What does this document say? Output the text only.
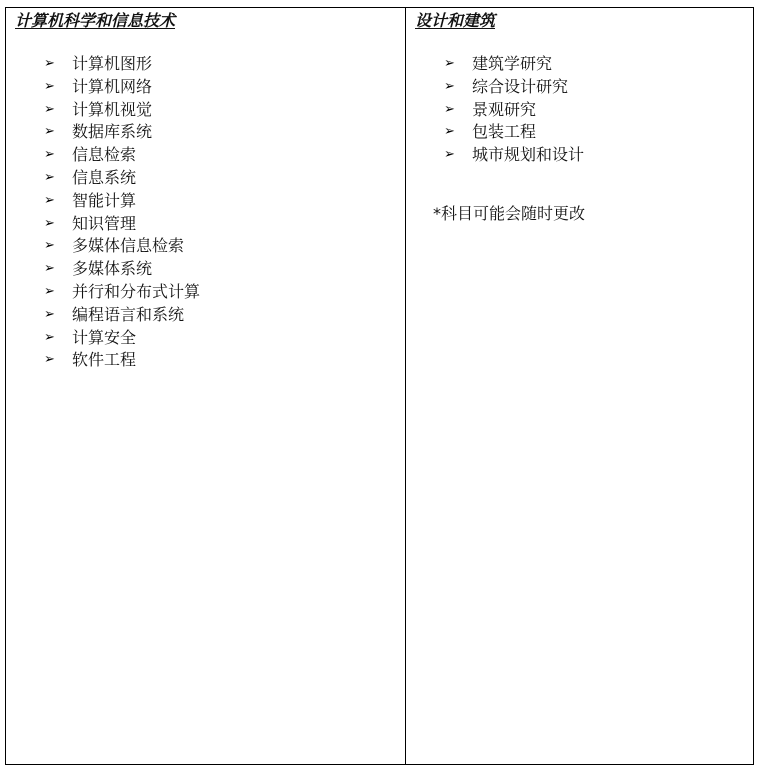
计算机科学和信息技术
➢	计算机图形
➢	计算机网络
➢	计算机视觉
➢	数据库系统
➢	信息检索
➢	信息系统
➢	智能计算
➢	知识管理
➢	多媒体信息检索
➢	多媒体系统
➢	并行和分布式计算
➢	编程语言和系统
➢	计算安全
➢	软件工程
设计和建筑
➢	建筑学研究
➢	综合设计研究
➢	景观研究
➢	包装工程
➢	城市规划和设计
*科目可能会随时更改
